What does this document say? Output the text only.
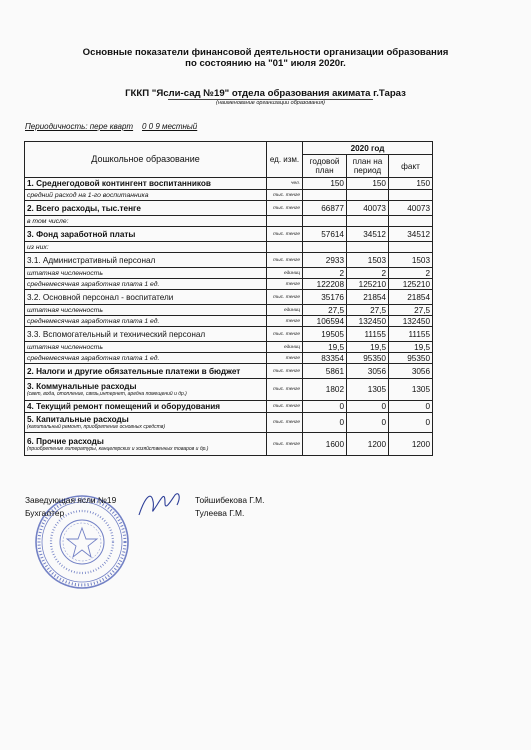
Основные показатели финансовой деятельности организации образования
по состоянию на "01" июля 2020г.
ГККП "Ясли-сад №19" отдела образования акимата г.Тараз
(наименование организации образования)
Периодичность: пере кварт 0 0 9 местный
Дошкольное образование	ед. изм.	2020 год		
		годовой план	план на период	факт
1. Среднегодовой контингент воспитанников	чел.	150	150	150
средний расход на 1-го воспитанника	тыс. тенге			
2. Всего расходы, тыс.тенге	тыс. тенге	66877	40073	40073
в том числе:				
3. Фонд заработной платы	тыс. тенге	57614	34512	34512
из них:				
3.1. Административный персонал	тыс. тенге	2933	1503	1503
штатная численность	единиц	2	2	2
среднемесячная заработная плата 1 ед.	тенге	122208	125210	125210
3.2. Основной персонал - воспитатели	тыс. тенге	35176	21854	21854
штатная численность	единиц	27,5	27,5	27,5
среднемесячная заработная плата 1 ед.	тенге	106594	132450	132450
3.3. Вспомогательный и технический персонал	тыс. тенге	19505	11155	11155
штатная численность	единиц	19,5	19,5	19,5
среднемесячная заработная плата 1 ед.	тенге	83354	95350	95350
2. Налоги и другие обязательные платежи в бюджет	тыс. тенге	5861	3056	3056
3. Коммунальные расходы
(свет, вода, отопление, связь,интернет, аредна помещений и др.)	тыс. тенге	1802	1305	1305
4. Текущий ремонт помещений и оборудования	тыс. тенге	0	0	0
5. Капитальные расходы
(капитальный ремонт, приобретение основных средств)	тыс. тенге	0	0	0
6. Прочие расходы
(приобретение литературы, канцелярских и хозяйственных товаров и др.)	тыс. тенге	1600	1200	1200
Заведующая ясли №19	Тойшибекова Г.М.
Бухгалтер	Тулеева Г.М.
